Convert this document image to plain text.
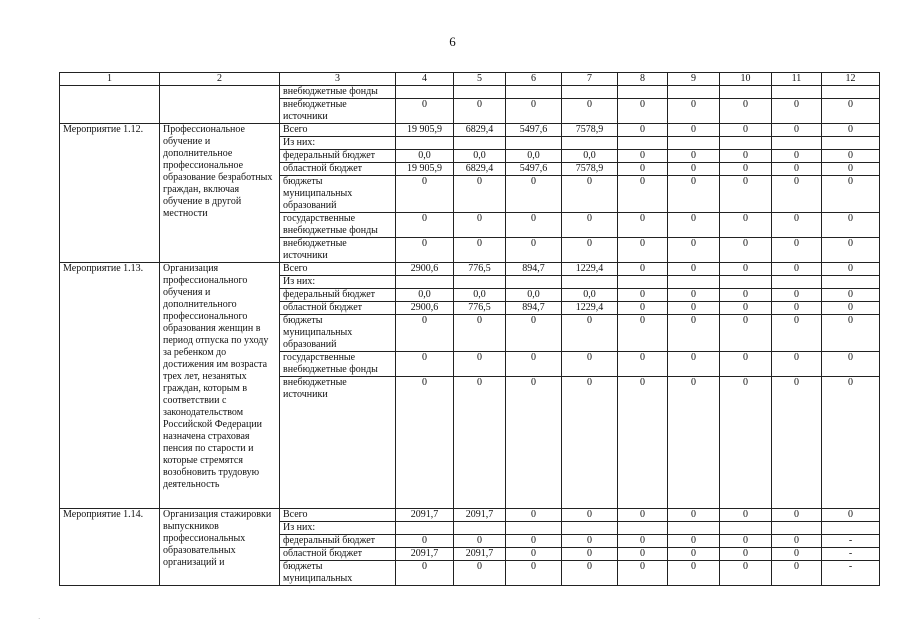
6
1	2	3	4	5	6	7	8	9	10	11	12
		внебюджетные фонды									
		внебюджетные источники	0	0	0	0	0	0	0	0	0
Мероприятие 1.12.	Профессиональное обучение и дополнительное профессиональное образование безработных граждан, включая обучение в другой местности	Всего	19 905,9	6829,4	5497,6	7578,9	0	0	0	0	0
		Из них:									
		федеральный бюджет	0,0	0,0	0,0	0,0	0	0	0	0	0
		областной бюджет	19 905,9	6829,4	5497,6	7578,9	0	0	0	0	0
		бюджеты муниципальных образований	0	0	0	0	0	0	0	0	0
		государственные внебюджетные фонды	0	0	0	0	0	0	0	0	0
		внебюджетные источники	0	0	0	0	0	0	0	0	0
Мероприятие 1.13.	Организация профессионального обучения и дополнительного профессионального образования женщин в период отпуска по уходу за ребенком до достижения им возраста трех лет, незанятых граждан, которым в соответствии с законодательством Российской Федерации назначена страховая пенсия по старости и которые стремятся возобновить трудовую деятельность	Всего	2900,6	776,5	894,7	1229,4	0	0	0	0	0
		Из них:									
		федеральный бюджет	0,0	0,0	0,0	0,0	0	0	0	0	0
		областной бюджет	2900,6	776,5	894,7	1229,4	0	0	0	0	0
		бюджеты муниципальных образований	0	0	0	0	0	0	0	0	0
		государственные внебюджетные фонды	0	0	0	0	0	0	0	0	0
		внебюджетные источники	0	0	0	0	0	0	0	0	0
Мероприятие 1.14.	Организация стажировки выпускников профессиональных образовательных организаций и	Всего	2091,7	2091,7	0	0	0	0	0	0	0
		Из них:									
		федеральный бюджет	0	0	0	0	0	0	0	0	-
		областной бюджет	2091,7	2091,7	0	0	0	0	0	0	-
		бюджеты муниципальных	0	0	0	0	0	0	0	0	-
·
